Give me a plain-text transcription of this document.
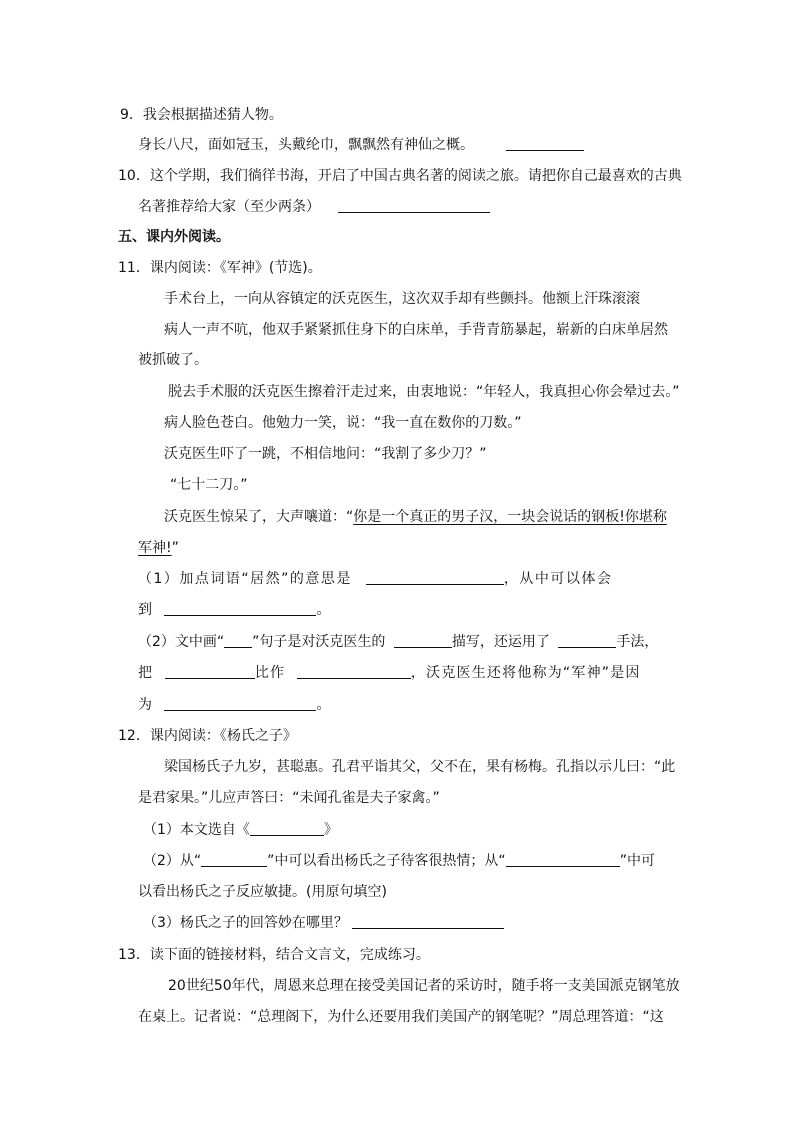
9．我会根据描述猜人物。
身长八尺，面如冠玉，头戴纶巾，飘飘然有神仙之概。
10．这个学期，我们徜徉书海，开启了中国古典名著的阅读之旅。请把你自己最喜欢的古典
名著推荐给大家（至少两条）
五、课内外阅读。
11．课内阅读：《军神》(节选)。
手术台上，一向从容镇定的沃克医生，这次双手却有些颤抖。他额上汗珠滚滚
病人一声不吭，他双手紧紧抓住身下的白床单，手背青筋暴起，崭新的白床单居然
被抓破了。
脱去手术服的沃克医生擦着汗走过来，由衷地说：“年轻人，我真担心你会晕过去。”
病人脸色苍白。他勉力一笑，说：“我一直在数你的刀数。”
沃克医生吓了一跳，不相信地问：“我割了多少刀？”
“七十二刀。”
沃克医生惊呆了，大声嚷道：“你是一个真正的男子汉，一块会说话的钢板!你堪称
军神!”
（1）加点词语“居然”的意思是	，从中可以体会
到	。
（2）文中画“ ”句子是对沃克医生的	描写，还运用了	手法，
把	比作	，沃克医生还将他称为“军神”是因
为	。
12．课内阅读：《杨氏之子》
梁国杨氏子九岁，甚聪惠。孔君平诣其父，父不在，果有杨梅。孔指以示儿曰：“此
是君家果。”儿应声答曰：“未闻孔雀是夫子家禽。”
（1）本文选自《	》
（2）从“	”中可以看出杨氏之子待客很热情；从“	”中可
以看出杨氏之子反应敏捷。(用原句填空)
（3）杨氏之子的回答妙在哪里？
13．读下面的链接材料，结合文言文，完成练习。
20世纪50年代，周恩来总理在接受美国记者的采访时，随手将一支美国派克钢笔放
在桌上。记者说：“总理阁下，为什么还要用我们美国产的钢笔呢？”周总理答道：“这
